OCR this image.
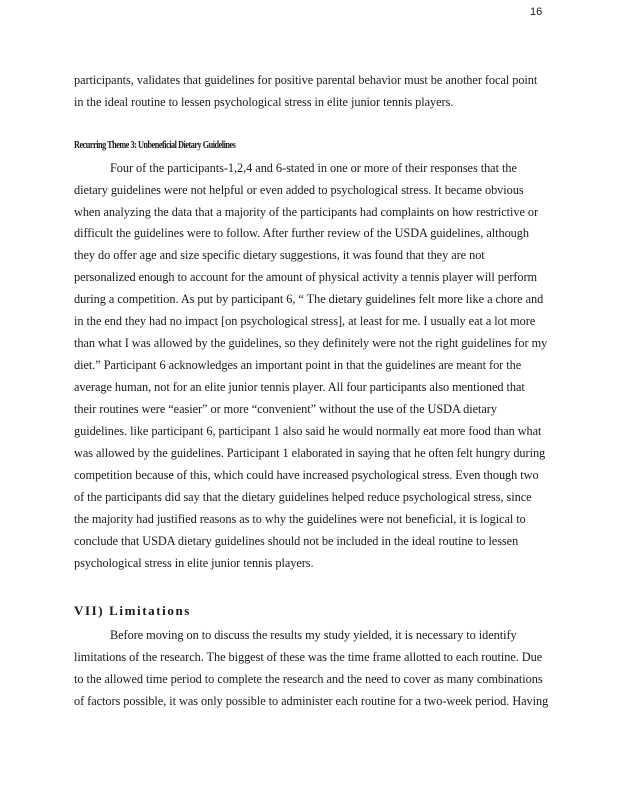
16
participants, validates that guidelines for positive parental behavior must be another focal point
in the ideal routine to lessen psychological stress in elite junior tennis players.
Four of the participants-1,2,4 and 6-stated in one or more of their responses that the
dietary guidelines were not helpful or even added to psychological stress. It became obvious
when analyzing the data that a majority of the participants had complaints on how restrictive or
difficult the guidelines were to follow. After further review of the USDA guidelines, although
they do offer age and size specific dietary suggestions, it was found that they are not
personalized enough to account for the amount of physical activity a tennis player will perform
during a competition. As put by participant 6, “ The dietary guidelines felt more like a chore and
in the end they had no impact [on psychological stress], at least for me. I usually eat a lot more
than what I was allowed by the guidelines, so they definitely were not the right guidelines for my
diet.” Participant 6 acknowledges an important point in that the guidelines are meant for the
average human, not for an elite junior tennis player. All four participants also mentioned that
their routines were “easier” or more “convenient” without the use of the USDA dietary
guidelines. like participant 6, participant 1 also said he would normally eat more food than what
was allowed by the guidelines. Participant 1 elaborated in saying that he often felt hungry during
competition because of this, which could have increased psychological stress. Even though two
of the participants did say that the dietary guidelines helped reduce psychological stress, since
the majority had justified reasons as to why the guidelines were not beneficial, it is logical to
conclude that USDA dietary guidelines should not be included in the ideal routine to lessen
psychological stress in elite junior tennis players.
Before moving on to discuss the results my study yielded, it is necessary to identify
limitations of the research. The biggest of these was the time frame allotted to each routine. Due
to the allowed time period to complete the research and the need to cover as many combinations
of factors possible, it was only possible to administer each routine for a two-week period. Having
Recurring Theme 3: Unbeneficial Dietary Guidelines
VII) Limitations
